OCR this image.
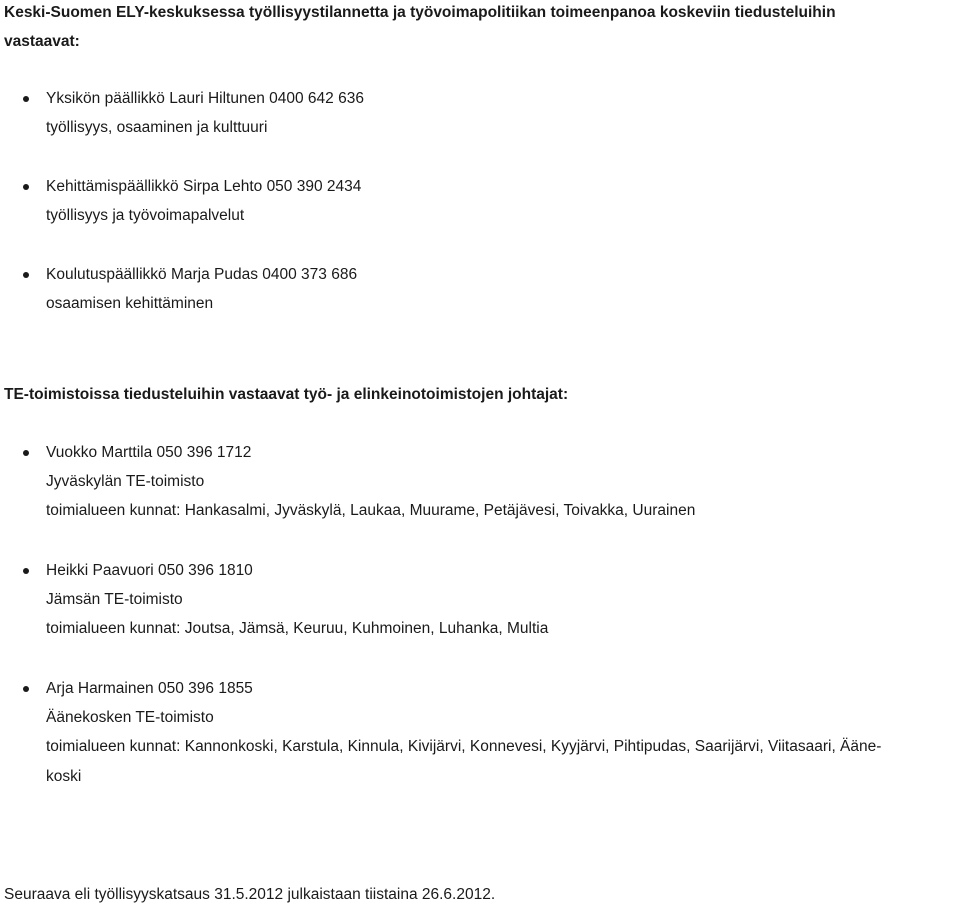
Keski-Suomen ELY-keskuksessa työllisyystilannetta ja työvoimapolitiikan toimeenpanoa koskeviin tiedusteluihin vastaavat:
Yksikön päällikkö Lauri Hiltunen 0400 642 636
työllisyys, osaaminen ja kulttuuri
Kehittämispäällikkö Sirpa Lehto 050 390 2434
työllisyys ja työvoimapalvelut
Koulutuspäällikkö Marja Pudas 0400 373 686
osaamisen kehittäminen
TE-toimistoissa tiedusteluihin vastaavat työ- ja elinkeinotoimistojen johtajat:
Vuokko Marttila 050 396 1712
Jyväskylän TE-toimisto
toimialueen kunnat: Hankasalmi, Jyväskylä, Laukaa, Muurame, Petäjävesi, Toivakka, Uurainen
Heikki Paavuori 050 396 1810
Jämsän TE-toimisto
toimialueen kunnat: Joutsa, Jämsä, Keuruu, Kuhmoinen, Luhanka, Multia
Arja Harmainen 050 396 1855
Äänekosken TE-toimisto
toimialueen kunnat: Kannonkoski, Karstula, Kinnula, Kivijärvi, Konnevesi, Kyyjärvi, Pihtipudas, Saarijärvi, Viitasaari, Ääne-
koski
Seuraava eli työllisyyskatsaus 31.5.2012 julkaistaan tiistaina 26.6.2012.
